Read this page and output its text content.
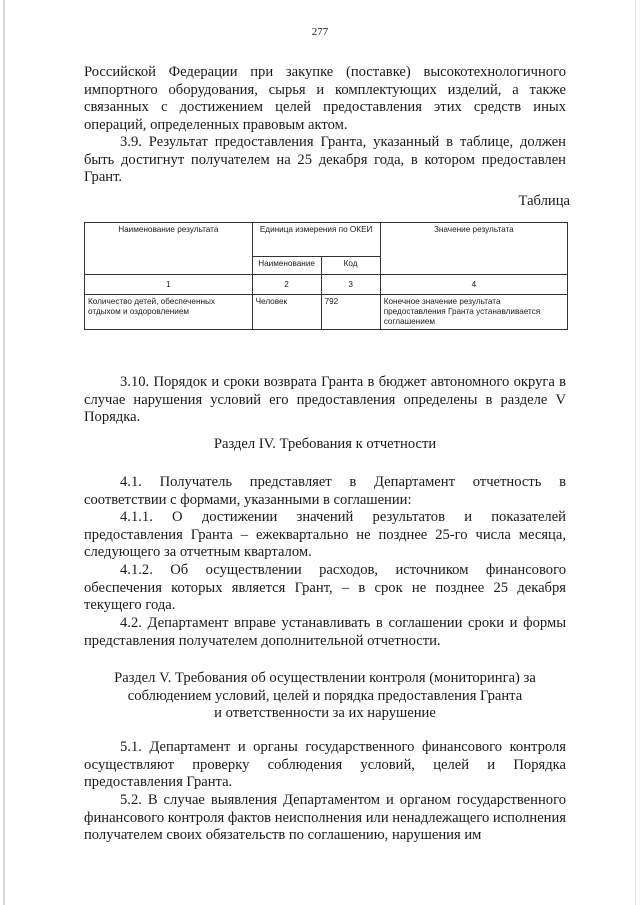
277

Российской Федерации при закупке (поставке) высокотехнологичного импортного оборудования, сырья и комплектующих изделий, а также связанных с достижением целей предоставления этих средств иных операций, определенных правовым актом.

3.9. Результат предоставления Гранта, указанный в таблице, должен быть достигнут получателем на 25 декабря года, в котором предоставлен Грант.

Таблица
Наименование результата	Единица измерения по ОКЕИ		Значение результата
	Наименование	Код	
1	2	3	4
Количество детей, обеспеченных отдыхом и оздоровлением	Человек	792	Конечное значение результата предоставления Гранта устанавливается соглашением

3.10. Порядок и сроки возврата Гранта в бюджет автономного округа в случае нарушения условий его предоставления определены в разделе V Порядка.

Раздел IV. Требования к отчетности

4.1. Получатель представляет в Департамент отчетность в соответствии с формами, указанными в соглашении:

4.1.1. О достижении значений результатов и показателей предоставления Гранта – ежеквартально не позднее 25-го числа месяца, следующего за отчетным кварталом.

4.1.2. Об осуществлении расходов, источником финансового обеспечения которых является Грант, – в срок не позднее 25 декабря текущего года.

4.2. Департамент вправе устанавливать в соглашении сроки и формы представления получателем дополнительной отчетности.

Раздел V. Требования об осуществлении контроля (мониторинга) за

соблюдением условий, целей и порядка предоставления Гранта

и ответственности за их нарушение

5.1. Департамент и органы государственного финансового контроля осуществляют проверку соблюдения условий, целей и Порядка предоставления Гранта.

5.2. В случае выявления Департаментом и органом государственного финансового контроля фактов неисполнения или ненадлежащего исполнения получателем своих обязательств по соглашению, нарушения им
